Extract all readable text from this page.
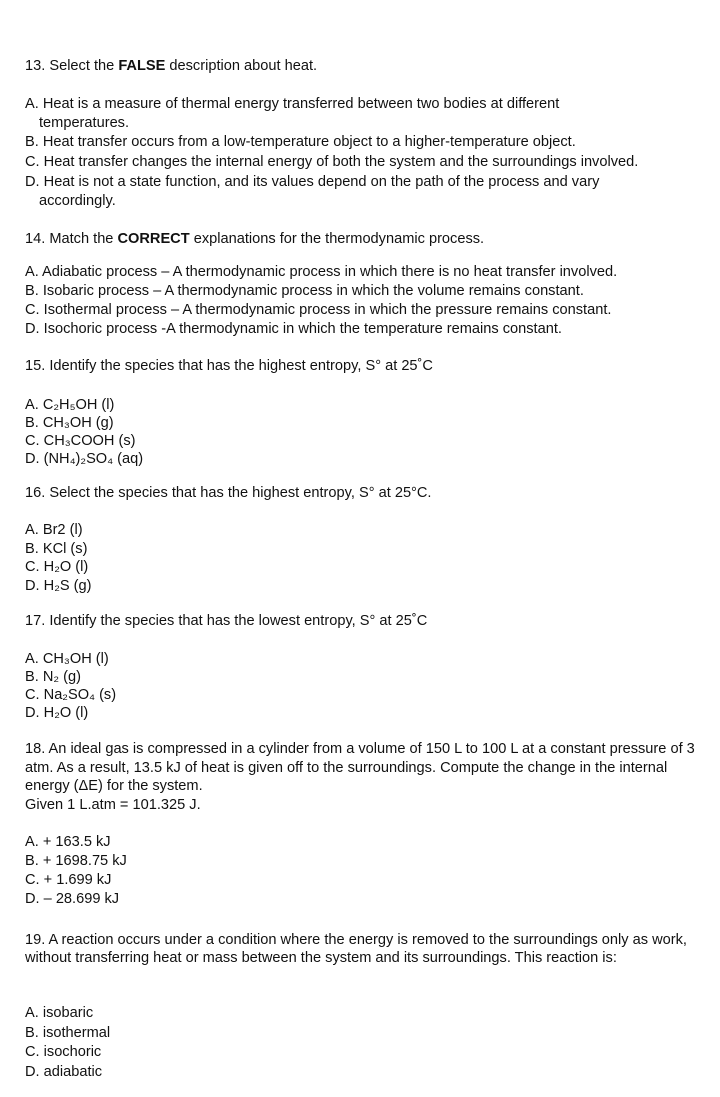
13. Select the FALSE description about heat.
A. Heat is a measure of thermal energy transferred between two bodies at different temperatures.
B. Heat transfer occurs from a low-temperature object to a higher-temperature object.
C. Heat transfer changes the internal energy of both the system and the surroundings involved.
D. Heat is not a state function, and its values depend on the path of the process and vary accordingly.
14. Match the CORRECT explanations for the thermodynamic process.
A. Adiabatic process – A thermodynamic process in which there is no heat transfer involved.
B. Isobaric process – A thermodynamic process in which the volume remains constant.
C. Isothermal process – A thermodynamic process in which the pressure remains constant.
D. Isochoric process -A thermodynamic in which the temperature remains constant.
15. Identify the species that has the highest entropy, S° at 25˚C
A. C₂H₅OH (l)
B. CH₃OH (g)
C. CH₃COOH (s)
D. (NH₄)₂SO₄ (aq)
16. Select the species that has the highest entropy, S° at 25°C.
A. Br2 (l)
B. KCl (s)
C. H₂O (l)
D. H₂S (g)
17. Identify the species that has the lowest entropy, S° at 25˚C
A. CH₃OH (l)
B. N₂ (g)
C. Na₂SO₄ (s)
D. H₂O (l)
18. An ideal gas is compressed in a cylinder from a volume of 150 L to 100 L at a constant pressure of 3 atm. As a result, 13.5 kJ of heat is given off to the surroundings. Compute the change in the internal energy (ΔE) for the system.
Given 1 L.atm = 101.325 J.
A. + 163.5 kJ
B. + 1698.75 kJ
C. + 1.699 kJ
D. – 28.699 kJ
19. A reaction occurs under a condition where the energy is removed to the surroundings only as work, without transferring heat or mass between the system and its surroundings. This reaction is:
A. isobaric
B. isothermal
C. isochoric
D. adiabatic
